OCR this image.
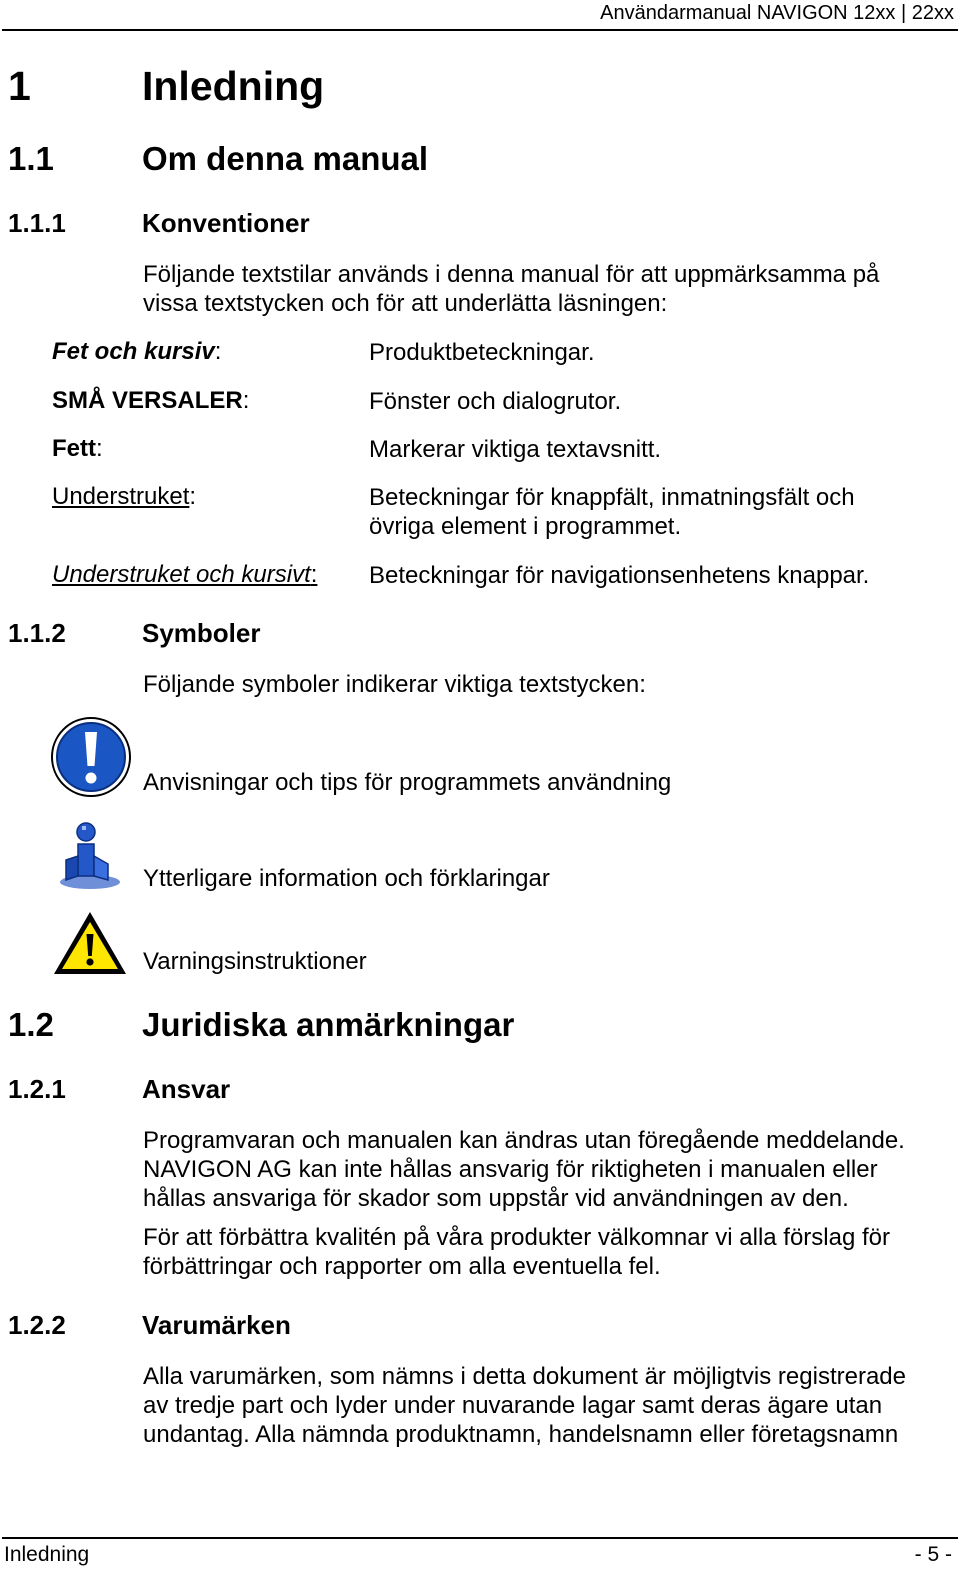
Användarmanual NAVIGON 12xx | 22xx
1	Inledning
1.1	Om denna manual
1.1.1	Konventioner
Följande textstilar används i denna manual för att uppmärksamma på
vissa textstycken och för att underlätta läsningen:
Fet och kursiv:	Produktbeteckningar.
SMÅ VERSALER:	Fönster och dialogrutor.
Fett:	Markerar viktiga textavsnitt.
Understruket:	Beteckningar för knappfält, inmatningsfält och
övriga element i programmet.
Understruket och kursivt: Beteckningar för navigationsenhetens knappar.
1.1.2	Symboler
Följande symboler indikerar viktiga textstycken:
Anvisningar och tips för programmets användning
Ytterligare information och förklaringar
Varningsinstruktioner
1.2	Juridiska anmärkningar
1.2.1	Ansvar
Programvaran och manualen kan ändras utan föregående meddelande.
NAVIGON AG kan inte hållas ansvarig för riktigheten i manualen eller
hållas ansvariga för skador som uppstår vid användningen av den.
För att förbättra kvalitén på våra produkter välkomnar vi alla förslag för
förbättringar och rapporter om alla eventuella fel.
1.2.2	Varumärken
Alla varumärken, som nämns i detta dokument är möjligtvis registrerade
av tredje part och lyder under nuvarande lagar samt deras ägare utan
undantag. Alla nämnda produktnamn, handelsnamn eller företagsnamn
Inledning	- 5 -
